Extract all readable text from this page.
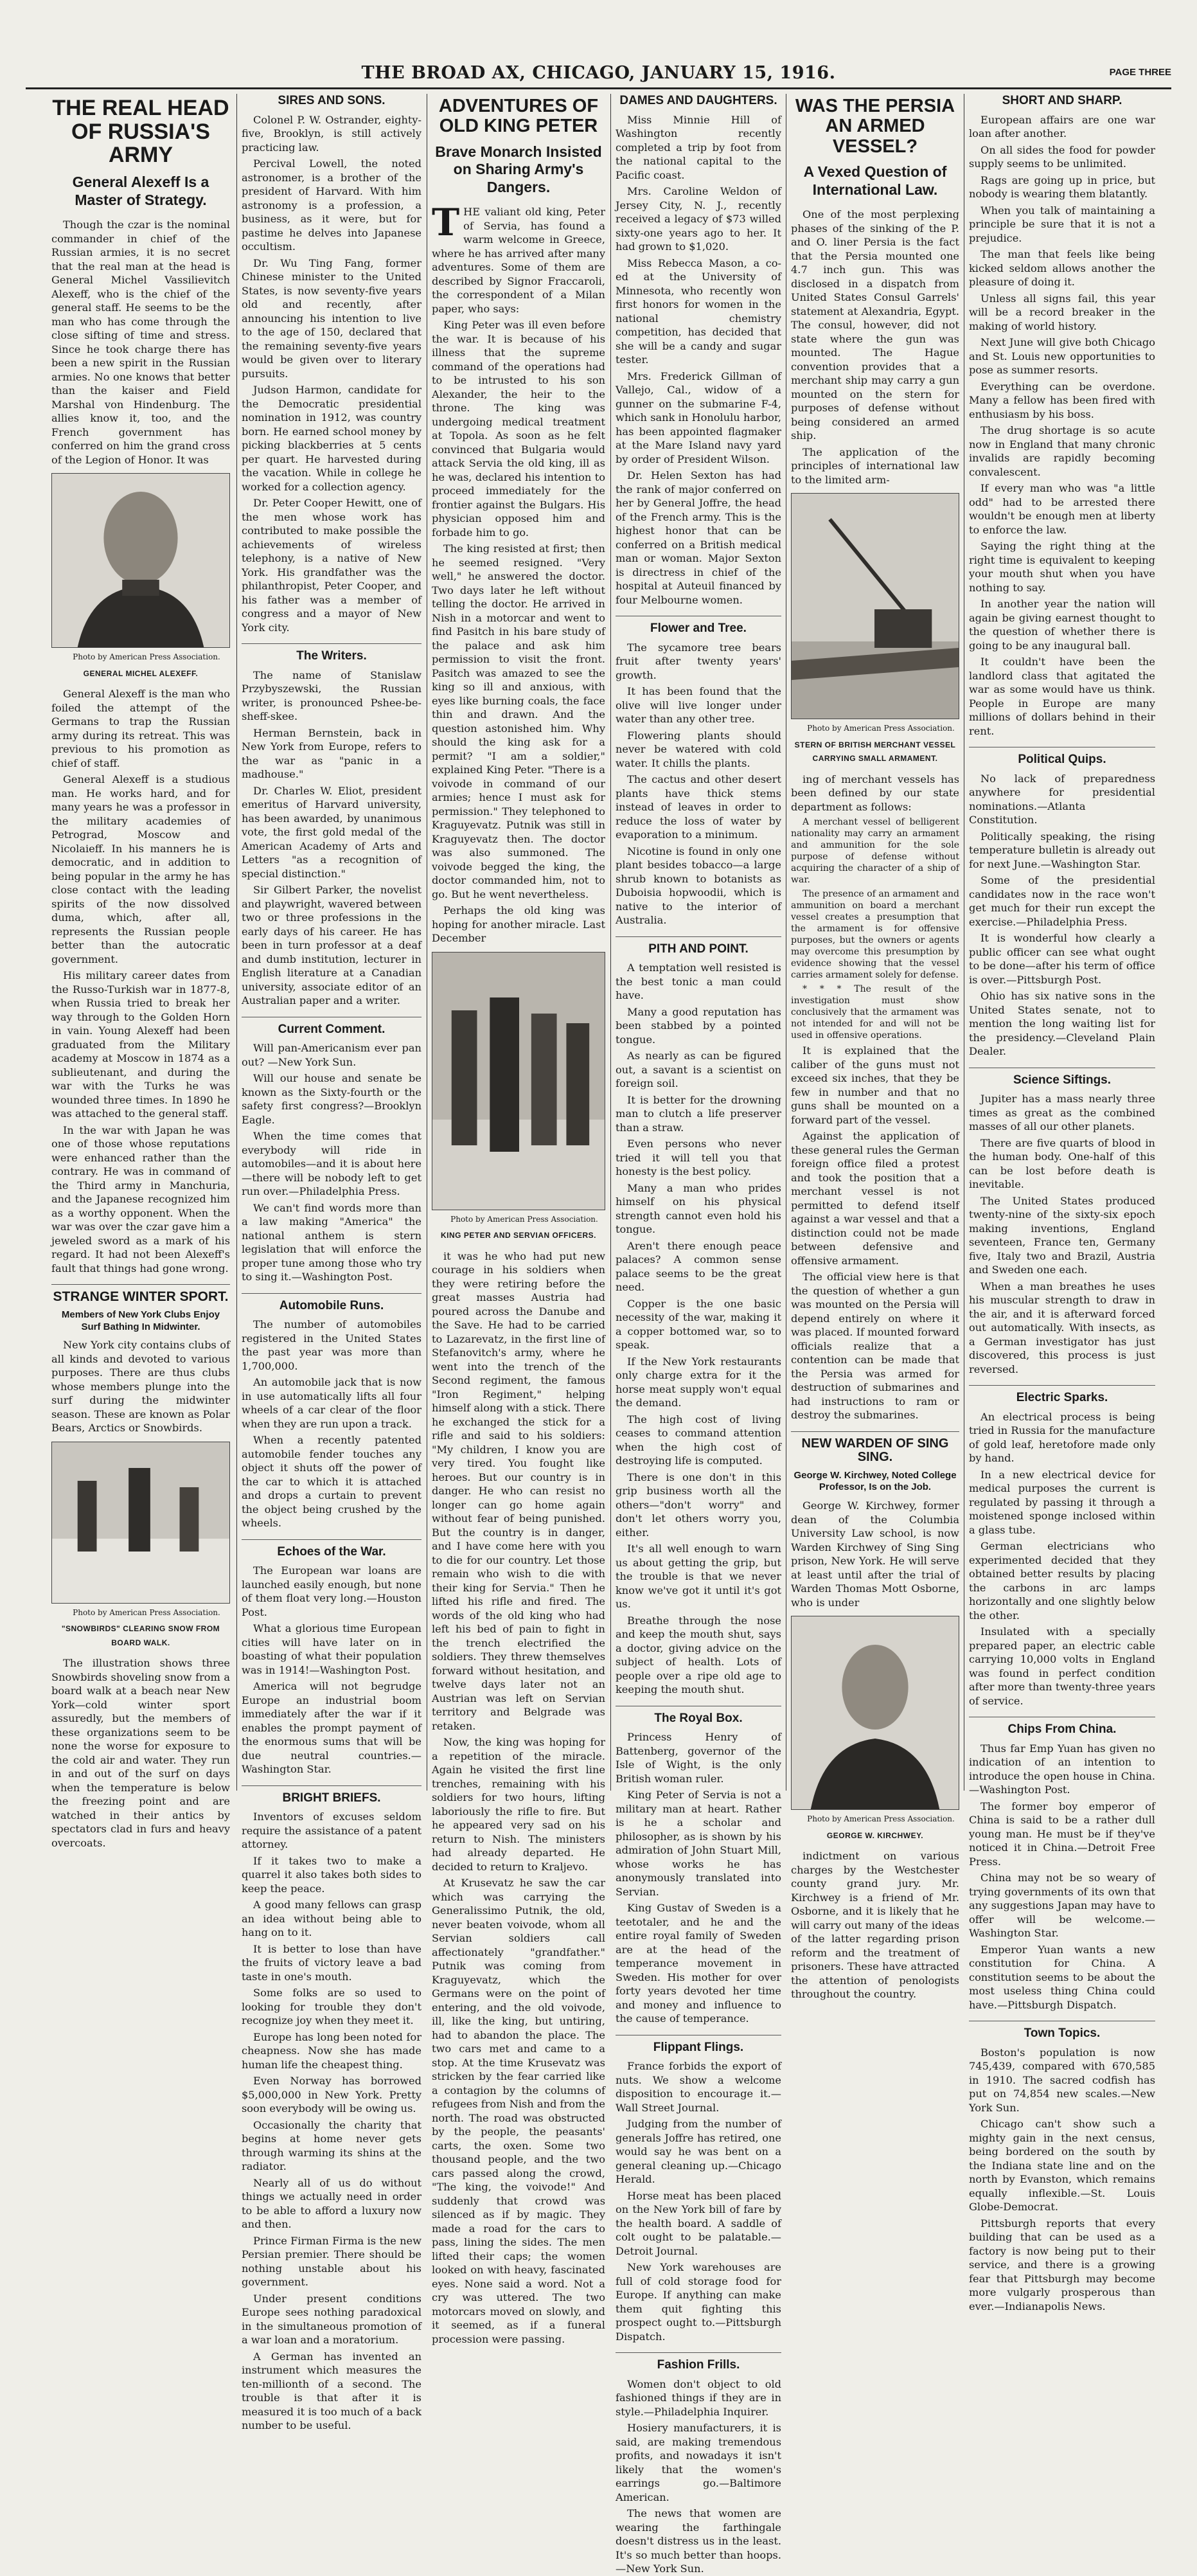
THE BROAD AX, CHICAGO, JANUARY 15, 1916.	PAGE THREE
THE REAL HEAD
OF RUSSIA'S ARMY
General Alexeff Is a Master of Strategy.

Though the czar is the nominal commander in chief of the Russian armies, it is no secret that the real man at the head is General Michel Vassilievitch Alexeff, who is the chief of the general staff. He seems to be the man who has come through the close sifting of time and stress. Since he took charge there has been a new spirit in the Russian armies. No one knows that better than the kaiser and Field Marshal von Hindenburg. The allies know it, too, and the French government has conferred on him the grand cross of the Legion of Honor. It was

Photo by American Press Association.

GENERAL MICHEL ALEXEFF.

General Alexeff is the man who foiled the attempt of the Germans to trap the Russian army during its retreat. This was previous to his promotion as chief of staff.

General Alexeff is a studious man. He works hard, and for many years he was a professor in the military academies of Petrograd, Moscow and Nicolaieff. In his manners he is democratic, and in addition to being popular in the army he has close contact with the leading spirits of the now dissolved duma, which, after all, represents the Russian people better than the autocratic government.

His military career dates from the Russo-Turkish war in 1877-8, when Russia tried to break her way through to the Golden Horn in vain. Young Alexeff had been graduated from the Military academy at Moscow in 1874 as a sublieutenant, and during the war with the Turks he was wounded three times. In 1890 he was attached to the general staff.

In the war with Japan he was one of those whose reputations were enhanced rather than the contrary. He was in command of the Third army in Manchuria, and the Japanese recognized him as a worthy opponent. When the war was over the czar gave him a jeweled sword as a mark of his regard. It had not been Alexeff's fault that things had gone wrong.

STRANGE WINTER SPORT.
Members of New York Clubs Enjoy Surf Bathing In Midwinter.

New York city contains clubs of all kinds and devoted to various purposes. There are thus clubs whose members plunge into the surf during the midwinter season. These are known as Polar Bears, Arctics or Snowbirds.

Photo by American Press Association.

"SNOWBIRDS" CLEARING SNOW FROM BOARD WALK.

The illustration shows three Snowbirds shoveling snow from a board walk at a beach near New York—cold winter sport assuredly, but the members of these organizations seem to be none the worse for exposure to the cold air and water. They run in and out of the surf on days when the temperature is below the freezing point and are watched in their antics by spectators clad in furs and heavy overcoats.

SIRES AND SONS.

Colonel P. W. Ostrander, eighty-five, Brooklyn, is still actively practicing law.

Percival Lowell, the noted astronomer, is a brother of the president of Harvard. With him astronomy is a profession, a business, as it were, but for pastime he delves into Japanese occultism.

Dr. Wu Ting Fang, former Chinese minister to the United States, is now seventy-five years old and recently, after announcing his intention to live to the age of 150, declared that the remaining seventy-five years would be given over to literary pursuits.

Judson Harmon, candidate for the Democratic presidential nomination in 1912, was country born. He earned school money by picking blackberries at 5 cents per quart. He harvested during the vacation. While in college he worked for a collection agency.

Dr. Peter Cooper Hewitt, one of the men whose work has contributed to make possible the achievements of wireless telephony, is a native of New York. His grandfather was the philanthropist, Peter Cooper, and his father was a member of congress and a mayor of New York city.

The Writers.

The name of Stanislaw Przybyszewski, the Russian writer, is pronounced Pshee-be-sheff-skee.

Herman Bernstein, back in New York from Europe, refers to the war as "panic in a madhouse."

Dr. Charles W. Eliot, president emeritus of Harvard university, has been awarded, by unanimous vote, the first gold medal of the American Academy of Arts and Letters "as a recognition of special distinction."

Sir Gilbert Parker, the novelist and playwright, wavered between two or three professions in the early days of his career. He has been in turn professor at a deaf and dumb institution, lecturer in English literature at a Canadian university, associate editor of an Australian paper and a writer.

Current Comment.

Will pan-Americanism ever pan out? —New York Sun.

Will our house and senate be known as the Sixty-fourth or the safety first congress?—Brooklyn Eagle.

When the time comes that everybody will ride in automobiles—and it is about here—there will be nobody left to get run over.—Philadelphia Press.

We can't find words more than a law making "America" the national anthem is stern legislation that will enforce the proper tune among those who try to sing it.—Washington Post.

Automobile Runs.

The number of automobiles registered in the United States the past year was more than 1,700,000.

An automobile jack that is now in use automatically lifts all four wheels of a car clear of the floor when they are run upon a track.

When a recently patented automobile fender touches any object it shuts off the power of the car to which it is attached and drops a curtain to prevent the object being crushed by the wheels.

Echoes of the War.

The European war loans are launched easily enough, but none of them float very long.—Houston Post.

What a glorious time European cities will have later on in boasting of what their population was in 1914!—Washington Post.

America will not begrudge Europe an industrial boom immediately after the war if it enables the prompt payment of the enormous sums that will be due neutral countries.—Washington Star.

BRIGHT BRIEFS.

Inventors of excuses seldom require the assistance of a patent attorney.

If it takes two to make a quarrel it also takes both sides to keep the peace.

A good many fellows can grasp an idea without being able to hang on to it.

It is better to lose than have the fruits of victory leave a bad taste in one's mouth.

Some folks are so used to looking for trouble they don't recognize joy when they meet it.

Europe has long been noted for cheapness. Now she has made human life the cheapest thing.

Even Norway has borrowed $5,000,000 in New York. Pretty soon everybody will be owing us.

Occasionally the charity that begins at home never gets through warming its shins at the radiator.

Nearly all of us do without things we actually need in order to be able to afford a luxury now and then.

Prince Firman Firma is the new Persian premier. There should be nothing unstable about his government.

Under present conditions Europe sees nothing paradoxical in the simultaneous promotion of a war loan and a moratorium.

A German has invented an instrument which measures the ten-millionth of a second. The trouble is that after it is measured it is too much of a back number to be useful.

ADVENTURES OF
OLD KING PETER
Brave Monarch Insisted on Sharing Army's Dangers.

THE valiant old king, Peter of Servia, has found a warm welcome in Greece, where he has arrived after many adventures. Some of them are described by Signor Fraccaroli, the correspondent of a Milan paper, who says:

King Peter was ill even before the war. It is because of his illness that the supreme command of the operations had to be intrusted to his son Alexander, the heir to the throne. The king was undergoing medical treatment at Topola. As soon as he felt convinced that Bulgaria would attack Servia the old king, ill as he was, declared his intention to proceed immediately for the frontier against the Bulgars. His physician opposed him and forbade him to go.

The king resisted at first; then he seemed resigned. "Very well," he answered the doctor. Two days later he left without telling the doctor. He arrived in Nish in a motorcar and went to find Pasitch in his bare study of the palace and ask him permission to visit the front. Pasitch was amazed to see the king so ill and anxious, with eyes like burning coals, the face thin and drawn. And the question astonished him. Why should the king ask for a permit? "I am a soldier," explained King Peter. "There is a voivode in command of our armies; hence I must ask for permission." They telephoned to Kraguyevatz. Putnik was still in Kraguyevatz then. The doctor was also summoned. The voivode begged the king, the doctor commanded him, not to go. But he went nevertheless.

Perhaps the old king was hoping for another miracle. Last December

Photo by American Press Association.

KING PETER AND SERVIAN OFFICERS.

it was he who had put new courage in his soldiers when they were retiring before the great masses Austria had poured across the Danube and the Save. He had to be carried to Lazarevatz, in the first line of Stefanovitch's army, where he went into the trench of the Second regiment, the famous "Iron Regiment," helping himself along with a stick. There he exchanged the stick for a rifle and said to his soldiers: "My children, I know you are very tired. You fought like heroes. But our country is in danger. He who can resist no longer can go home again without fear of being punished. But the country is in danger, and I have come here with you to die for our country. Let those remain who wish to die with their king for Servia." Then he lifted his rifle and fired. The words of the old king who had left his bed of pain to fight in the trench electrified the soldiers. They threw themselves forward without hesitation, and twelve days later not an Austrian was left on Servian territory and Belgrade was retaken.

Now, the king was hoping for a repetition of the miracle. Again he visited the first line trenches, remaining with his soldiers for two hours, lifting laboriously the rifle to fire. But he appeared very sad on his return to Nish. The ministers had already departed. He decided to return to Kraljevo.

At Krusevatz he saw the car which was carrying the Generalissimo Putnik, the old, never beaten voivode, whom all Servian soldiers call affectionately "grandfather." Putnik was coming from Kraguyevatz, which the Germans were on the point of entering, and the old voivode, ill, like the king, but untiring, had to abandon the place. The two cars met and came to a stop. At the time Krusevatz was stricken by the fear carried like a contagion by the columns of refugees from Nish and from the north. The road was obstructed by the people, the peasants' carts, the oxen. Some two thousand people, and the two cars passed along the crowd, "The king, the voivode!" And suddenly that crowd was silenced as if by magic. They made a road for the cars to pass, lining the sides. The men lifted their caps; the women looked on with heavy, fascinated eyes. None said a word. Not a cry was uttered. The two motorcars moved on slowly, and it seemed, as if a funeral procession were passing.

DAMES AND DAUGHTERS.

Miss Minnie Hill of Washington recently completed a trip by foot from the national capital to the Pacific coast.

Mrs. Caroline Weldon of Jersey City, N. J., recently received a legacy of $73 willed sixty-one years ago to her. It had grown to $1,020.

Miss Rebecca Mason, a co-ed at the University of Minnesota, who recently won first honors for women in the national chemistry competition, has decided that she will be a candy and sugar tester.

Mrs. Frederick Gillman of Vallejo, Cal., widow of a gunner on the submarine F-4, which sank in Honolulu harbor, has been appointed flagmaker at the Mare Island navy yard by order of President Wilson.

Dr. Helen Sexton has had the rank of major conferred on her by General Joffre, the head of the French army. This is the highest honor that can be conferred on a British medical man or woman. Major Sexton is directress in chief of the hospital at Auteuil financed by four Melbourne women.

Flower and Tree.

The sycamore tree bears fruit after twenty years' growth.

It has been found that the olive will live longer under water than any other tree.

Flowering plants should never be watered with cold water. It chills the plants.

The cactus and other desert plants have thick stems instead of leaves in order to reduce the loss of water by evaporation to a minimum.

Nicotine is found in only one plant besides tobacco—a large shrub known to botanists as Duboisia hopwoodii, which is native to the interior of Australia.

PITH AND POINT.

A temptation well resisted is the best tonic a man could have.

Many a good reputation has been stabbed by a pointed tongue.

As nearly as can be figured out, a savant is a scientist on foreign soil.

It is better for the drowning man to clutch a life preserver than a straw.

Even persons who never tried it will tell you that honesty is the best policy.

Many a man who prides himself on his physical strength cannot even hold his tongue.

Aren't there enough peace palaces? A common sense palace seems to be the great need.

Copper is the one basic necessity of the war, making it a copper bottomed war, so to speak.

If the New York restaurants only charge extra for it the horse meat supply won't equal the demand.

The high cost of living ceases to command attention when the high cost of destroying life is computed.

There is one don't in this grip business worth all the others—"don't worry" and don't let others worry you, either.

It's all well enough to warn us about getting the grip, but the trouble is that we never know we've got it until it's got us.

Breathe through the nose and keep the mouth shut, says a doctor, giving advice on the subject of health. Lots of people over a ripe old age to keeping the mouth shut.

The Royal Box.

Princess Henry of Battenberg, governor of the Isle of Wight, is the only British woman ruler.

King Peter of Servia is not a military man at heart. Rather is he a scholar and philosopher, as is shown by his admiration of John Stuart Mill, whose works he has anonymously translated into Servian.

King Gustav of Sweden is a teetotaler, and he and the entire royal family of Sweden are at the head of the temperance movement in Sweden. His mother for over forty years devoted her time and money and influence to the cause of temperance.

Flippant Flings.

France forbids the export of nuts. We show a welcome disposition to encourage it.—Wall Street Journal.

Judging from the number of generals Joffre has retired, one would say he was bent on a general cleaning up.—Chicago Herald.

Horse meat has been placed on the New York bill of fare by the health board. A saddle of colt ought to be palatable.—Detroit Journal.

New York warehouses are full of cold storage food for Europe. If anything can make them quit fighting this prospect ought to.—Pittsburgh Dispatch.

Fashion Frills.

Women don't object to old fashioned things if they are in style.—Philadelphia Inquirer.

Hosiery manufacturers, it is said, are making tremendous profits, and nowadays it isn't likely that the women's earrings go.—Baltimore American.

The news that women are wearing the farthingale doesn't distress us in the least. It's so much better than hoops.—New York Sun.

WAS THE PERSIA
AN ARMED VESSEL?
A Vexed Question of International Law.

One of the most perplexing phases of the sinking of the P. and O. liner Persia is the fact that the Persia mounted one 4.7 inch gun. This was disclosed in a dispatch from United States Consul Garrels' statement at Alexandria, Egypt. The consul, however, did not state where the gun was mounted. The Hague convention provides that a merchant ship may carry a gun mounted on the stern for purposes of defense without being considered an armed ship.

The application of the principles of international law to the limited arm-

Photo by American Press Association.

STERN OF BRITISH MERCHANT VESSEL CARRYING SMALL ARMAMENT.

ing of merchant vessels has been defined by our state department as follows:

A merchant vessel of belligerent nationality may carry an armament and ammunition for the sole purpose of defense without acquiring the character of a ship of war.

The presence of an armament and ammunition on board a merchant vessel creates a presumption that the armament is for offensive purposes, but the owners or agents may overcome this presumption by evidence showing that the vessel carries armament solely for defense.

* * * The result of the investigation must show conclusively that the armament was not intended for and will not be used in offensive operations.

It is explained that the caliber of the guns must not exceed six inches, that they be few in number and that no guns shall be mounted on a forward part of the vessel.

Against the application of these general rules the German foreign office filed a protest and took the position that a merchant vessel is not permitted to defend itself against a war vessel and that a distinction could not be made between defensive and offensive armament.

The official view here is that the question of whether a gun was mounted on the Persia will depend entirely on where it was placed. If mounted forward officials realize that a contention can be made that the Persia was armed for destruction of submarines and had instructions to ram or destroy the submarines.

NEW WARDEN OF SING SING.
George W. Kirchwey, Noted College Professor, Is on the Job.

George W. Kirchwey, former dean of the Columbia University Law school, is now Warden Kirchwey of Sing Sing prison, New York. He will serve at least until after the trial of Warden Thomas Mott Osborne, who is under

Photo by American Press Association.

GEORGE W. KIRCHWEY.

indictment on various charges by the Westchester county grand jury. Mr. Kirchwey is a friend of Mr. Osborne, and it is likely that he will carry out many of the ideas of the latter regarding prison reform and the treatment of prisoners. These have attracted the attention of penologists throughout the country.

SHORT AND SHARP.

European affairs are one war loan after another.

On all sides the food for powder supply seems to be unlimited.

Rags are going up in price, but nobody is wearing them blatantly.

When you talk of maintaining a principle be sure that it is not a prejudice.

The man that feels like being kicked seldom allows another the pleasure of doing it.

Unless all signs fail, this year will be a record breaker in the making of world history.

Next June will give both Chicago and St. Louis new opportunities to pose as summer resorts.

Everything can be overdone. Many a fellow has been fired with enthusiasm by his boss.

The drug shortage is so acute now in England that many chronic invalids are rapidly becoming convalescent.

If every man who was "a little odd" had to be arrested there wouldn't be enough men at liberty to enforce the law.

Saying the right thing at the right time is equivalent to keeping your mouth shut when you have nothing to say.

In another year the nation will again be giving earnest thought to the question of whether there is going to be any inaugural ball.

It couldn't have been the landlord class that agitated the war as some would have us think. People in Europe are many millions of dollars behind in their rent.

Political Quips.

No lack of preparedness anywhere for presidential nominations.—Atlanta Constitution.

Politically speaking, the rising temperature bulletin is already out for next June.—Washington Star.

Some of the presidential candidates now in the race won't get much for their run except the exercise.—Philadelphia Press.

It is wonderful how clearly a public officer can see what ought to be done—after his term of office is over.—Pittsburgh Post.

Ohio has six native sons in the United States senate, not to mention the long waiting list for the presidency.—Cleveland Plain Dealer.

Science Siftings.

Jupiter has a mass nearly three times as great as the combined masses of all our other planets.

There are five quarts of blood in the human body. One-half of this can be lost before death is inevitable.

The United States produced twenty-nine of the sixty-six epoch making inventions, England seventeen, France ten, Germany five, Italy two and Brazil, Austria and Sweden one each.

When a man breathes he uses his muscular strength to draw in the air, and it is afterward forced out automatically. With insects, as a German investigator has just discovered, this process is just reversed.

Electric Sparks.

An electrical process is being tried in Russia for the manufacture of gold leaf, heretofore made only by hand.

In a new electrical device for medical purposes the current is regulated by passing it through a moistened sponge inclosed within a glass tube.

German electricians who experimented decided that they obtained better results by placing the carbons in arc lamps horizontally and one slightly below the other.

Insulated with a specially prepared paper, an electric cable carrying 10,000 volts in England was found in perfect condition after more than twenty-three years of service.

Chips From China.

Thus far Emp Yuan has given no indication of an intention to introduce the open house in China.—Washington Post.

The former boy emperor of China is said to be a rather dull young man. He must be if they've noticed it in China.—Detroit Free Press.

China may not be so weary of trying governments of its own that any suggestions Japan may have to offer will be welcome.—Washington Star.

Emperor Yuan wants a new constitution for China. A constitution seems to be about the most useless thing China could have.—Pittsburgh Dispatch.

Town Topics.

Boston's population is now 745,439, compared with 670,585 in 1910. The sacred codfish has put on 74,854 new scales.—New York Sun.

Chicago can't show such a mighty gain in the next census, being bordered on the south by the Indiana state line and on the north by Evanston, which remains equally inflexible.—St. Louis Globe-Democrat.

Pittsburgh reports that every building that can be used as a factory is now being put to their service, and there is a growing fear that Pittsburgh may become more vulgarly prosperous than ever.—Indianapolis News.
